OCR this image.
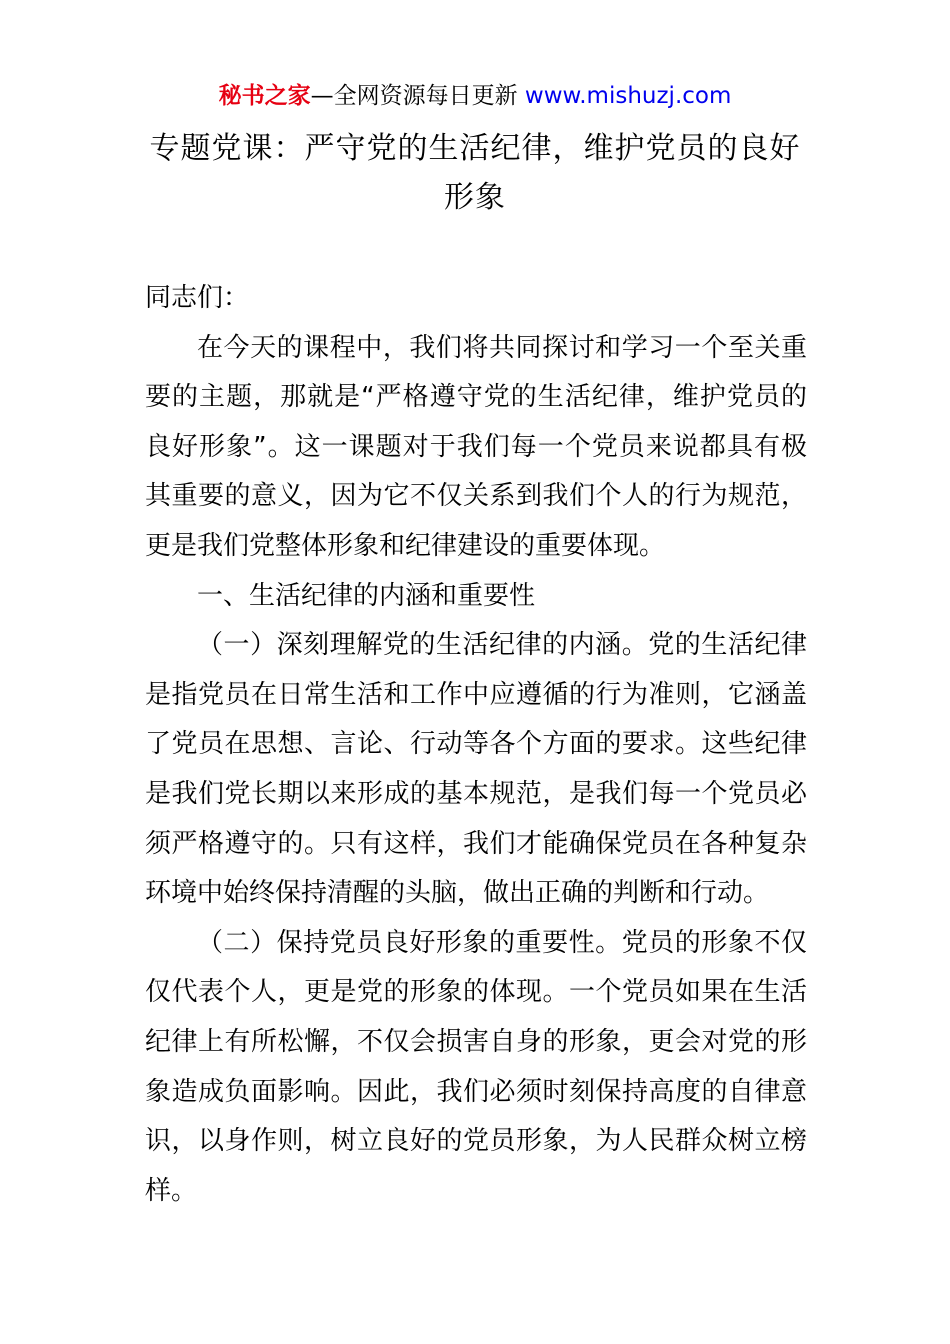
秘书之家—全网资源每日更新 www.mishuzj.com
专题党课：严守党的生活纪律，维护党员的良好形象

同志们：

在今天的课程中，我们将共同探讨和学习一个至关重要的主题，那就是“严格遵守党的生活纪律，维护党员的良好形象”。这一课题对于我们每一个党员来说都具有极其重要的意义，因为它不仅关系到我们个人的行为规范，更是我们党整体形象和纪律建设的重要体现。

一、生活纪律的内涵和重要性

（一）深刻理解党的生活纪律的内涵。党的生活纪律是指党员在日常生活和工作中应遵循的行为准则，它涵盖了党员在思想、言论、行动等各个方面的要求。这些纪律是我们党长期以来形成的基本规范，是我们每一个党员必须严格遵守的。只有这样，我们才能确保党员在各种复杂环境中始终保持清醒的头脑，做出正确的判断和行动。

（二）保持党员良好形象的重要性。党员的形象不仅仅代表个人，更是党的形象的体现。一个党员如果在生活纪律上有所松懈，不仅会损害自身的形象，更会对党的形象造成负面影响。因此，我们必须时刻保持高度的自律意识，以身作则，树立良好的党员形象，为人民群众树立榜样。
